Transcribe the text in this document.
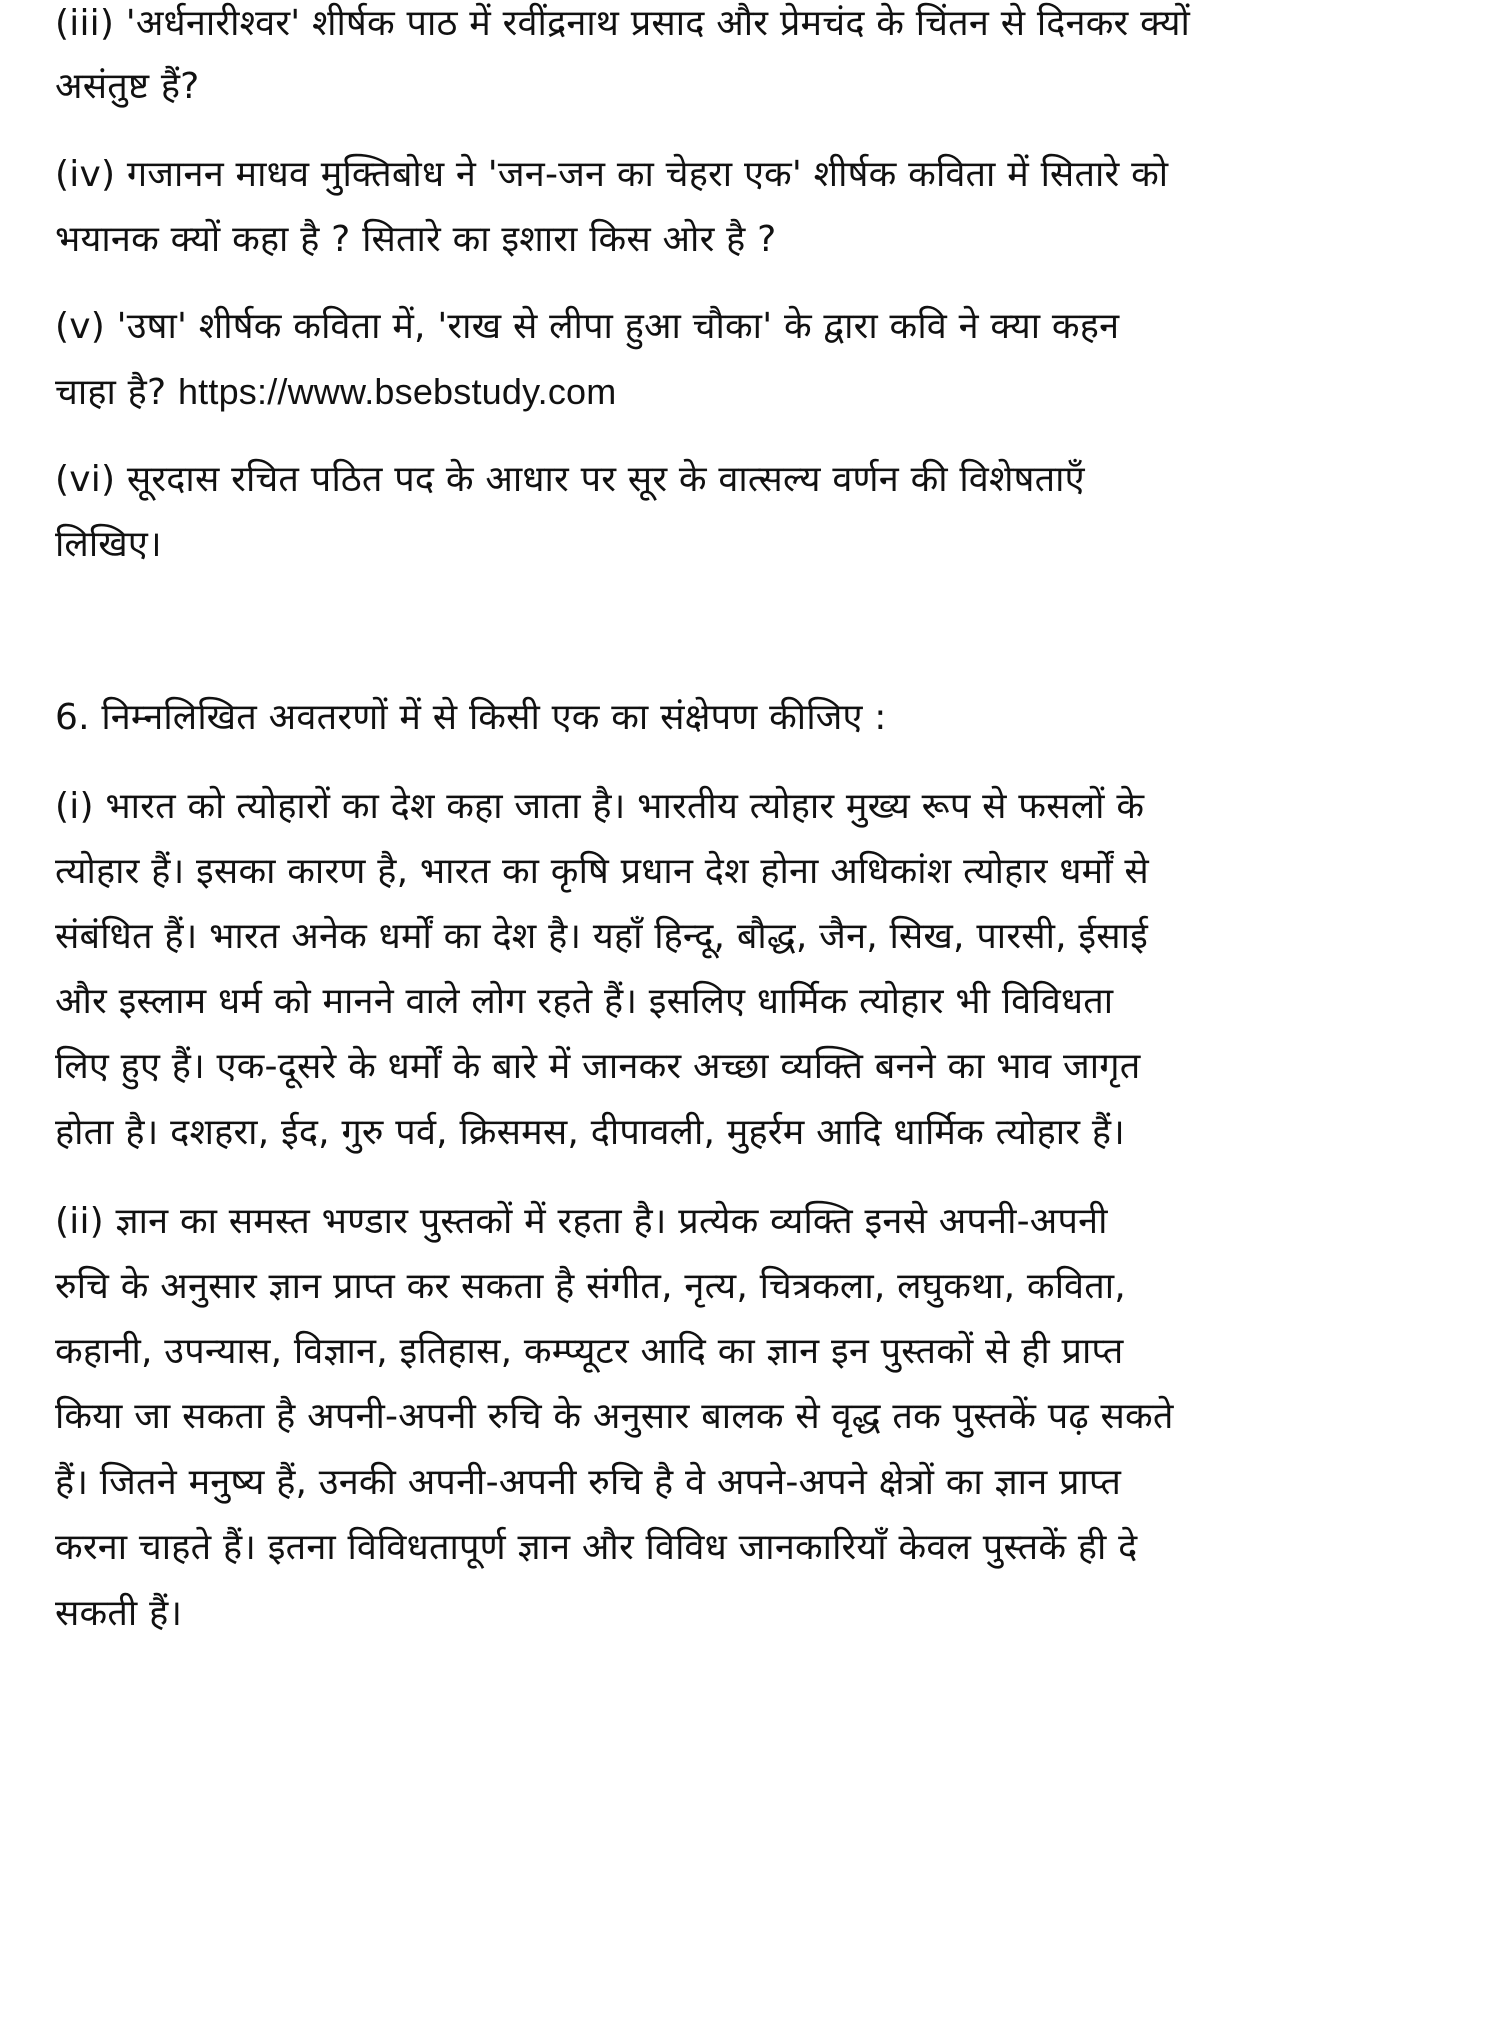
(iii) 'अर्धनारीश्वर' शीर्षक पाठ में रवींद्रनाथ प्रसाद और प्रेमचंद के चिंतन से दिनकर क्यों
असंतुष्ट हैं?
(iv) गजानन माधव मुक्तिबोध ने 'जन-जन का चेहरा एक' शीर्षक कविता में सितारे को
भयानक क्यों कहा है ? सितारे का इशारा किस ओर है ?
(v) 'उषा' शीर्षक कविता में, 'राख से लीपा हुआ चौका' के द्वारा कवि ने क्या कहन
चाहा है? https://www.bsebstudy.com
(vi) सूरदास रचित पठित पद के आधार पर सूर के वात्सल्य वर्णन की विशेषताएँ
लिखिए।
6. निम्नलिखित अवतरणों में से किसी एक का संक्षेपण कीजिए :
(i) भारत को त्योहारों का देश कहा जाता है। भारतीय त्योहार मुख्य रूप से फसलों के
त्योहार हैं। इसका कारण है, भारत का कृषि प्रधान देश होना अधिकांश त्योहार धर्मों से
संबंधित हैं। भारत अनेक धर्मों का देश है। यहाँ हिन्दू, बौद्ध, जैन, सिख, पारसी, ईसाई
और इस्लाम धर्म को मानने वाले लोग रहते हैं। इसलिए धार्मिक त्योहार भी विविधता
लिए हुए हैं। एक-दूसरे के धर्मों के बारे में जानकर अच्छा व्यक्ति बनने का भाव जागृत
होता है। दशहरा, ईद, गुरु पर्व, क्रिसमस, दीपावली, मुहर्रम आदि धार्मिक त्योहार हैं।
(ii) ज्ञान का समस्त भण्डार पुस्तकों में रहता है। प्रत्येक व्यक्ति इनसे अपनी-अपनी
रुचि के अनुसार ज्ञान प्राप्त कर सकता है संगीत, नृत्य, चित्रकला, लघुकथा, कविता,
कहानी, उपन्यास, विज्ञान, इतिहास, कम्प्यूटर आदि का ज्ञान इन पुस्तकों से ही प्राप्त
किया जा सकता है अपनी-अपनी रुचि के अनुसार बालक से वृद्ध तक पुस्तकें पढ़ सकते
हैं। जितने मनुष्य हैं, उनकी अपनी-अपनी रुचि है वे अपने-अपने क्षेत्रों का ज्ञान प्राप्त
करना चाहते हैं। इतना विविधतापूर्ण ज्ञान और विविध जानकारियाँ केवल पुस्तकें ही दे
सकती हैं।
